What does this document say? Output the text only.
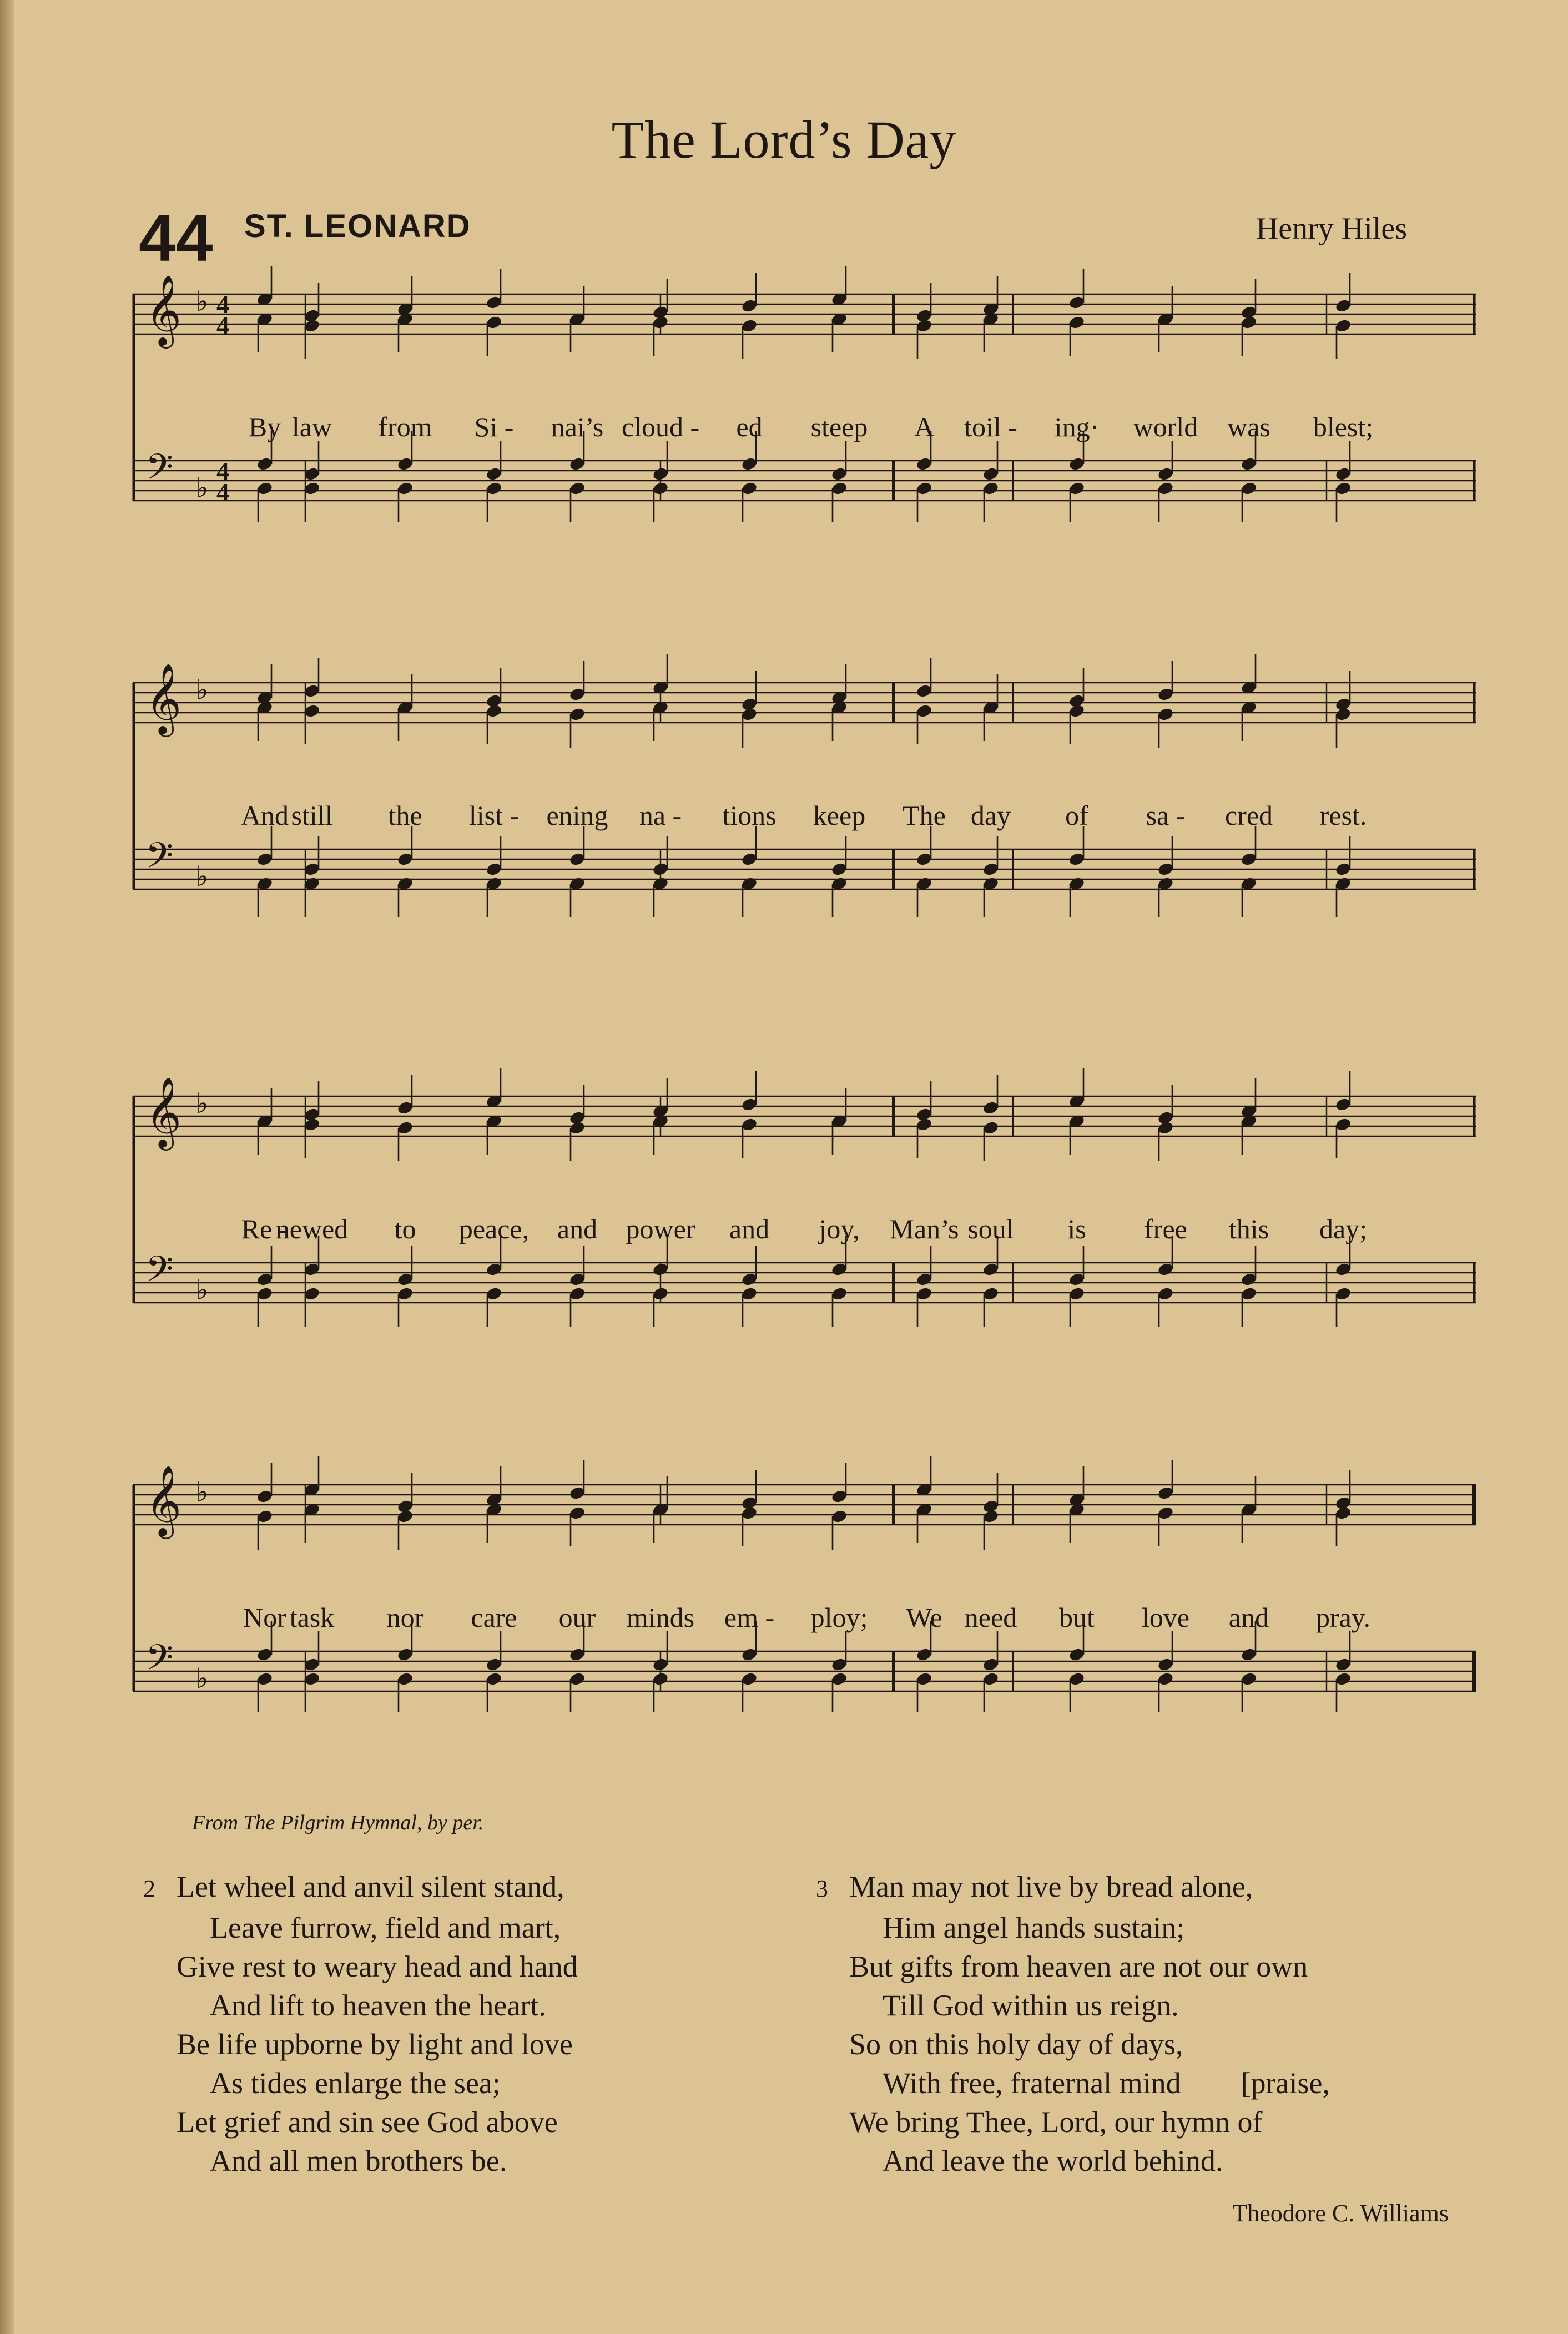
The Lord’s Day
44 ST. LEONARD	Henry Hiles
𝄞 ♭ 4
4
𝄢 ♭
4
4
By law from Si - nai’s cloud - ed steep A toil - ing· world was blest;
𝄞 ♭
𝄢 ♭
And still the list - ening na - tions keep The day of sa - cred rest.
𝄞 ♭
𝄢 ♭
Re -
newed to peace, and power and joy, Man’s soul is free this day;
𝄞 ♭
𝄢 ♭
Nor task nor care our minds em - ploy; We need but love and pray.
From The Pilgrim Hymnal, by per.
2 Let wheel and anvil silent stand,
Leave furrow, field and mart,
Give rest to weary head and hand
And lift to heaven the heart.
Be life upborne by light and love
As tides enlarge the sea;
Let grief and sin see God above
And all men brothers be.
3 Man may not live by bread alone,
Him angel hands sustain;
But gifts from heaven are not our own
Till God within us reign.
So on this holy day of days,
With free, fraternal mind        [praise,
We bring Thee, Lord, our hymn of
And leave the world behind.
Theodore C. Williams
